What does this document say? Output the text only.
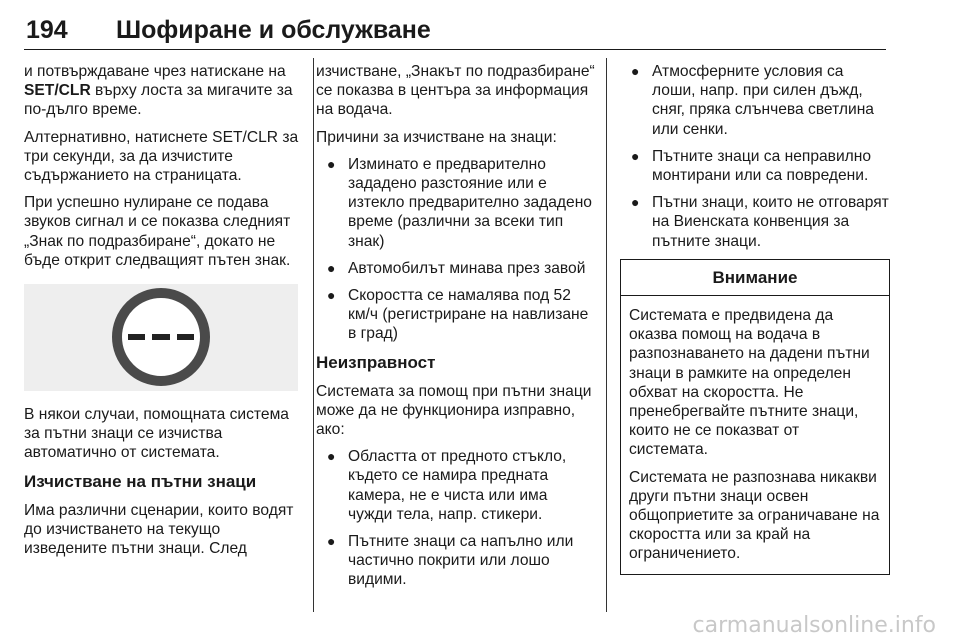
194 Шофиране и обслужване

и потвърждаване чрез натискане на SET/CLR върху лоста за мигачите за по-дълго време.

Алтернативно, натиснете SET/CLR за три секунди, за да изчистите съдържанието на страницата.

При успешно нулиране се подава звуков сигнал и се показва следният „Знак по подразбиране“, докато не бъде открит следващият пътен знак.

В някои случаи, помощната система за пътни знаци се изчиства автоматично от системата.

Изчистване на пътни знаци

Има различни сценарии, които водят до изчистването на текущо изведените пътни знаци. След

изчистване, „Знакът по подразбиране“ се показва в центъра за информация на водача.

Причини за изчистване на знаци:

● Изминато е предварително зададено разстояние или е изтекло предварително зададено време (различни за всеки тип знак)
● Автомобилът минава през завой
● Скоростта се намалява под 52 км/ч (регистриране на навлизане в град)
Неизправност

Системата за помощ при пътни знаци може да не функционира изправно, ако:

● Областта от предното стъкло, където се намира предната камера, не е чиста или има чужди тела, напр. стикери.
● Пътните знаци са напълно или частично покрити или лошо видими.
● Атмосферните условия са лоши, напр. при силен дъжд, сняг, пряка слънчева светлина или сенки.
● Пътните знаци са неправилно монтирани или са повредени.
● Пътни знаци, които не отговарят на Виенската конвенция за пътните знаци.
Внимание

Системата е предвидена да оказва помощ на водача в разпознаването на дадени пътни знаци в рамките на определен обхват на скоростта. Не пренебрегвайте пътните знаци, които не се показват от системата.

Системата не разпознава никакви други пътни знаци освен общоприетите за ограничаване на скоростта или за край на ограничението.

carmanualsonline.info
